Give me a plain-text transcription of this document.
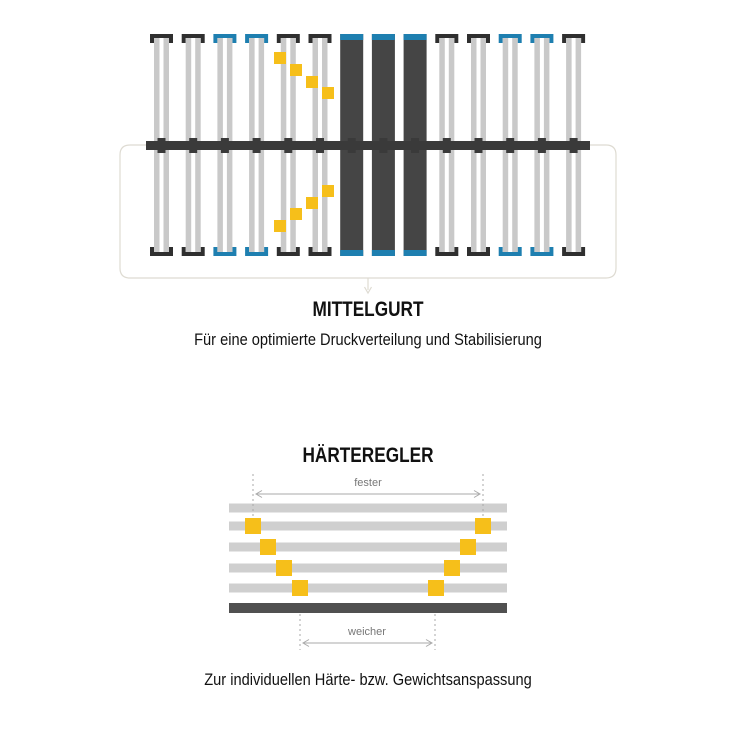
fester
weicher
MITTELGURT
Für eine optimierte Druckverteilung und Stabilisierung
HÄRTEREGLER
Zur individuellen Härte- bzw. Gewichtsanspassung
